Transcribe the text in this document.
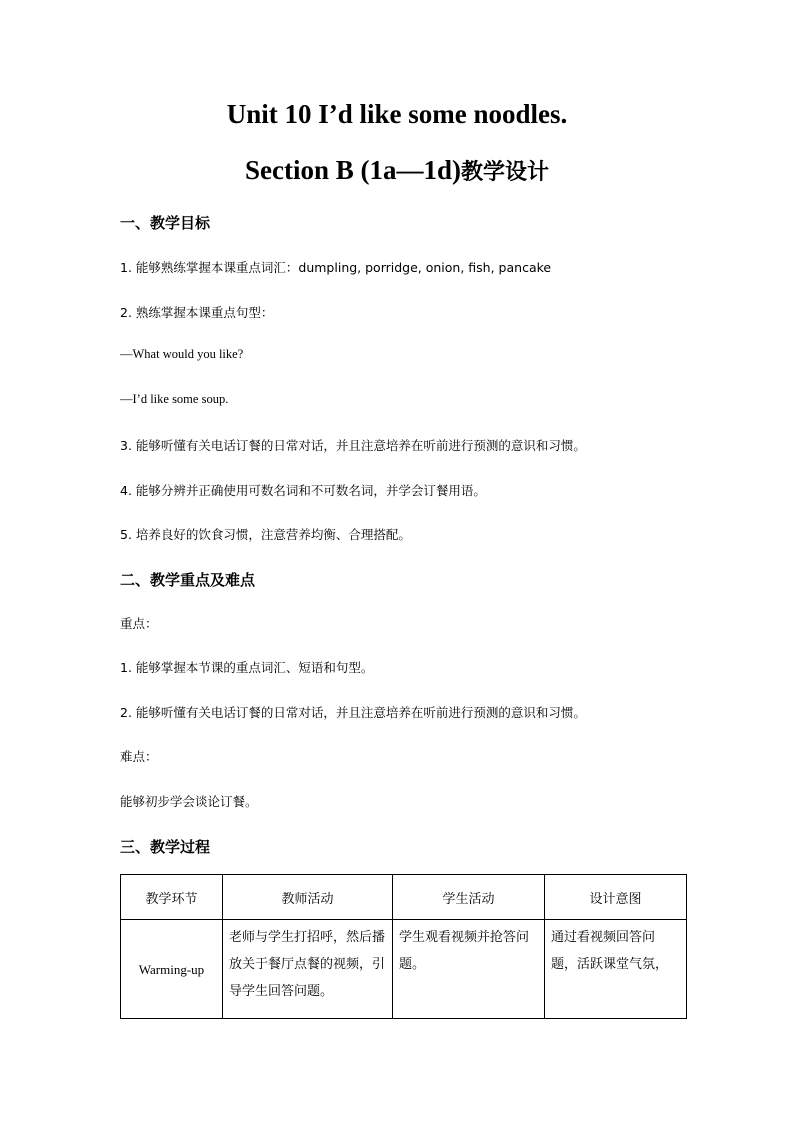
Unit 10 I’d like some noodles.
Section B (1a—1d)教学设计
一、教学目标
1. 能够熟练掌握本课重点词汇：dumpling, porridge, onion, fish, pancake
2. 熟练掌握本课重点句型：
—What would you like?
—I’d like some soup.
3. 能够听懂有关电话订餐的日常对话，并且注意培养在听前进行预测的意识和习惯。
4. 能够分辨并正确使用可数名词和不可数名词，并学会订餐用语。
5. 培养良好的饮食习惯，注意营养均衡、合理搭配。
二、教学重点及难点
重点：
1. 能够掌握本节课的重点词汇、短语和句型。
2. 能够听懂有关电话订餐的日常对话，并且注意培养在听前进行预测的意识和习惯。
难点：
能够初步学会谈论订餐。
三、教学过程
教学环节	教师活动	学生活动	设计意图
Warming-up	老师与学生打招呼，然后播放关于餐厅点餐的视频，引导学生回答问题。	学生观看视频并抢答问题。	通过看视频回答问题，活跃课堂气氛，
